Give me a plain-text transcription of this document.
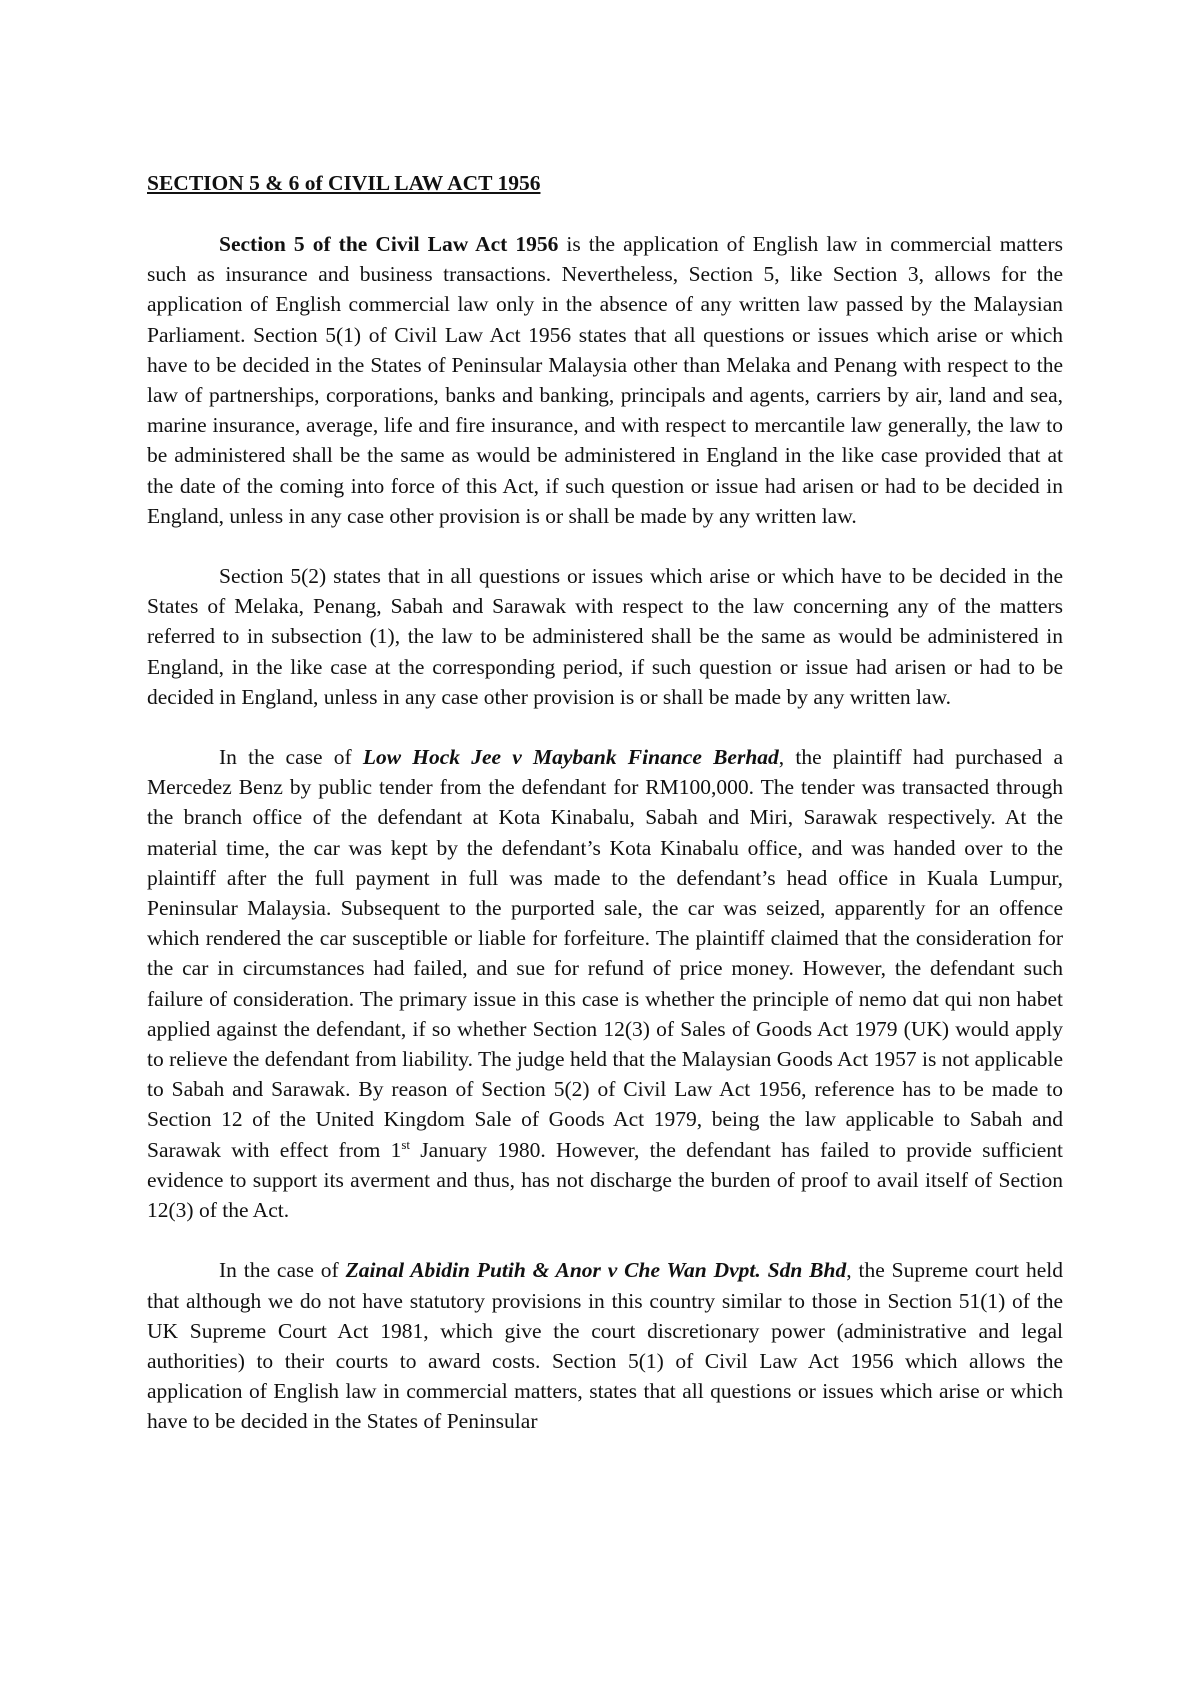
SECTION 5 & 6 of CIVIL LAW ACT 1956

Section 5 of the Civil Law Act 1956 is the application of English law in commercial matters such as insurance and business transactions. Nevertheless, Section 5, like Section 3, allows for the application of English commercial law only in the absence of any written law passed by the Malaysian Parliament. Section 5(1) of Civil Law Act 1956 states that all questions or issues which arise or which have to be decided in the States of Peninsular Malaysia other than Melaka and Penang with respect to the law of partnerships, corporations, banks and banking, principals and agents, carriers by air, land and sea, marine insurance, average, life and fire insurance, and with respect to mercantile law generally, the law to be administered shall be the same as would be administered in England in the like case provided that at the date of the coming into force of this Act, if such question or issue had arisen or had to be decided in England, unless in any case other provision is or shall be made by any written law.

Section 5(2) states that in all questions or issues which arise or which have to be decided in the States of Melaka, Penang, Sabah and Sarawak with respect to the law concerning any of the matters referred to in subsection (1), the law to be administered shall be the same as would be administered in England, in the like case at the corresponding period, if such question or issue had arisen or had to be decided in England, unless in any case other provision is or shall be made by any written law.

In the case of Low Hock Jee v Maybank Finance Berhad, the plaintiff had purchased a Mercedez Benz by public tender from the defendant for RM100,000. The tender was transacted through the branch office of the defendant at Kota Kinabalu, Sabah and Miri, Sarawak respectively. At the material time, the car was kept by the defendant’s Kota Kinabalu office, and was handed over to the plaintiff after the full payment in full was made to the defendant’s head office in Kuala Lumpur, Peninsular Malaysia. Subsequent to the purported sale, the car was seized, apparently for an offence which rendered the car susceptible or liable for forfeiture. The plaintiff claimed that the consideration for the car in circumstances had failed, and sue for refund of price money. However, the defendant such failure of consideration. The primary issue in this case is whether the principle of nemo dat qui non habet applied against the defendant, if so whether Section 12(3) of Sales of Goods Act 1979 (UK) would apply to relieve the defendant from liability. The judge held that the Malaysian Goods Act 1957 is not applicable to Sabah and Sarawak. By reason of Section 5(2) of Civil Law Act 1956, reference has to be made to Section 12 of the United Kingdom Sale of Goods Act 1979, being the law applicable to Sabah and Sarawak with effect from 1st January 1980. However, the defendant has failed to provide sufficient evidence to support its averment and thus, has not discharge the burden of proof to avail itself of Section 12(3) of the Act.

In the case of Zainal Abidin Putih & Anor v Che Wan Dvpt. Sdn Bhd, the Supreme court held that although we do not have statutory provisions in this country similar to those in Section 51(1) of the UK Supreme Court Act 1981, which give the court discretionary power (administrative and legal authorities) to their courts to award costs. Section 5(1) of Civil Law Act 1956 which allows the application of English law in commercial matters, states that all questions or issues which arise or which have to be decided in the States of Peninsular
